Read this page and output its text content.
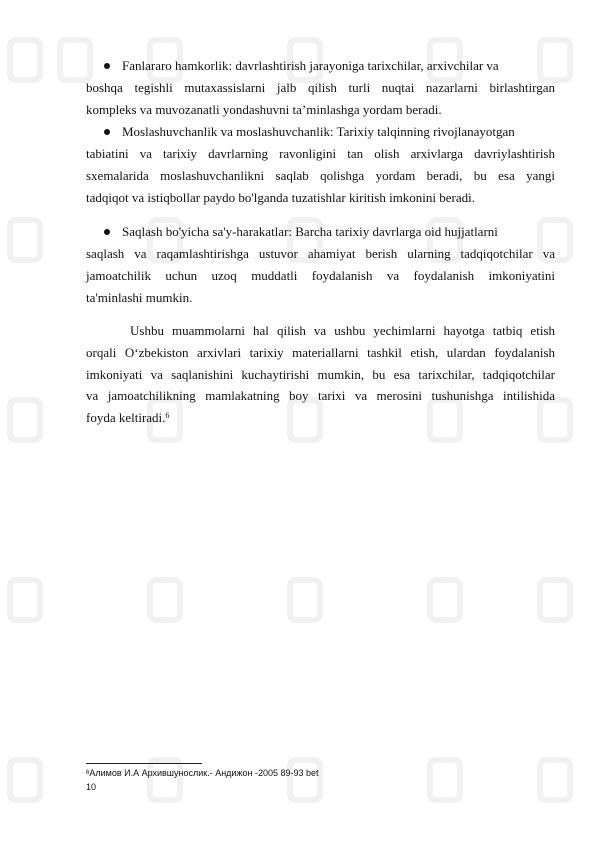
Fanlararo hamkorlik: davrlashtirish jarayoniga tarixchilar, arxivchilar va
boshqa tegishli mutaxassislarni jalb qilish turli nuqtai nazarlarni birlashtirgan
kompleks va muvozanatli yondashuvni ta’minlashga yordam beradi.
Moslashuvchanlik va moslashuvchanlik: Tarixiy talqinning rivojlanayotgan
tabiatini va tarixiy davrlarning ravonligini tan olish arxivlarga davriylashtirish
sxemalarida moslashuvchanlikni saqlab qolishga yordam beradi, bu esa yangi
tadqiqot va istiqbollar paydo bo'lganda tuzatishlar kiritish imkonini beradi.
Saqlash bo'yicha sa'y-harakatlar: Barcha tarixiy davrlarga oid hujjatlarni
saqlash va raqamlashtirishga ustuvor ahamiyat berish ularning tadqiqotchilar va
jamoatchilik uchun uzoq muddatli foydalanish va foydalanish imkoniyatini
ta'minlashi mumkin.
Ushbu muammolarni hal qilish va ushbu yechimlarni hayotga tatbiq etish
orqali O‘zbekiston arxivlari tarixiy materiallarni tashkil etish, ulardan foydalanish
imkoniyati va saqlanishini kuchaytirishi mumkin, bu esa tarixchilar, tadqiqotchilar
va jamoatchilikning mamlakatning boy tarixi va merosini tushunishga intilishida
foyda keltiradi.$^6$
$^6$Алимов И.А Архившунослик.- Андижон -2005 89-93 bet
10
